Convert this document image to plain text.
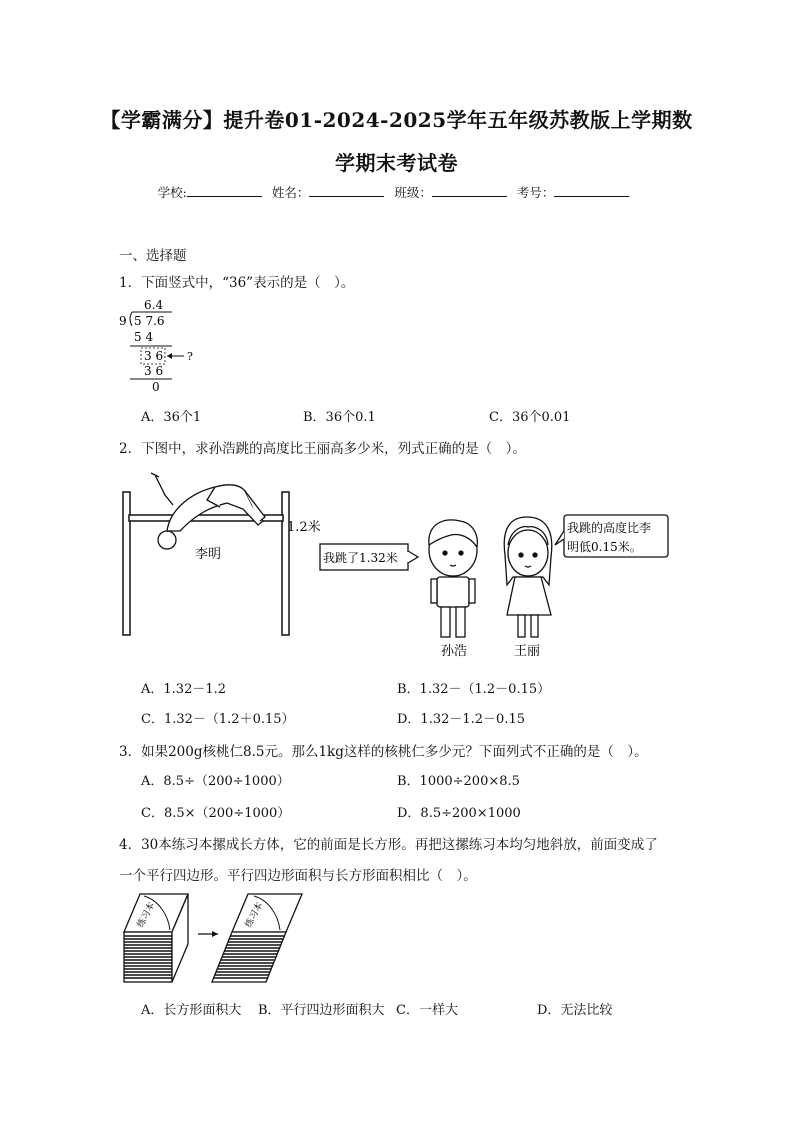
【学霸满分】提升卷01-2024-2025学年五年级苏教版上学期数
学期末考试卷
学校:	姓名：	班级：	考号：
一、选择题
1．下面竖式中，“36”表示的是（　）。
6.4
9 5 7.6
5 4
3 6 ?
3 6
0
A．36个1	B．36个0.1	C．36个0.01
2．下图中，求孙浩跳的高度比王丽高多少米，列式正确的是（　）。
李明
1.2米
我跳了1.32米
我跳的高度比李
明低0.15米。
孙浩	王丽
A．1.32－1.2	B．1.32－（1.2－0.15）
C．1.32－（1.2＋0.15）	D．1.32－1.2－0.15
3．如果200g核桃仁8.5元。那么1kg这样的核桃仁多少元？下面列式不正确的是（　）。
A．8.5÷（200÷1000）	B．1000÷200×8.5
C．8.5×（200÷1000）	D．8.5÷200×1000
4．30本练习本摞成长方体，它的前面是长方形。再把这摞练习本均匀地斜放，前面变成了
一个平行四边形。平行四边形面积与长方形面积相比（　）。
练习本	练习本
A．长方形面积大 B．平行四边形面积大 C．一样大	D．无法比较
